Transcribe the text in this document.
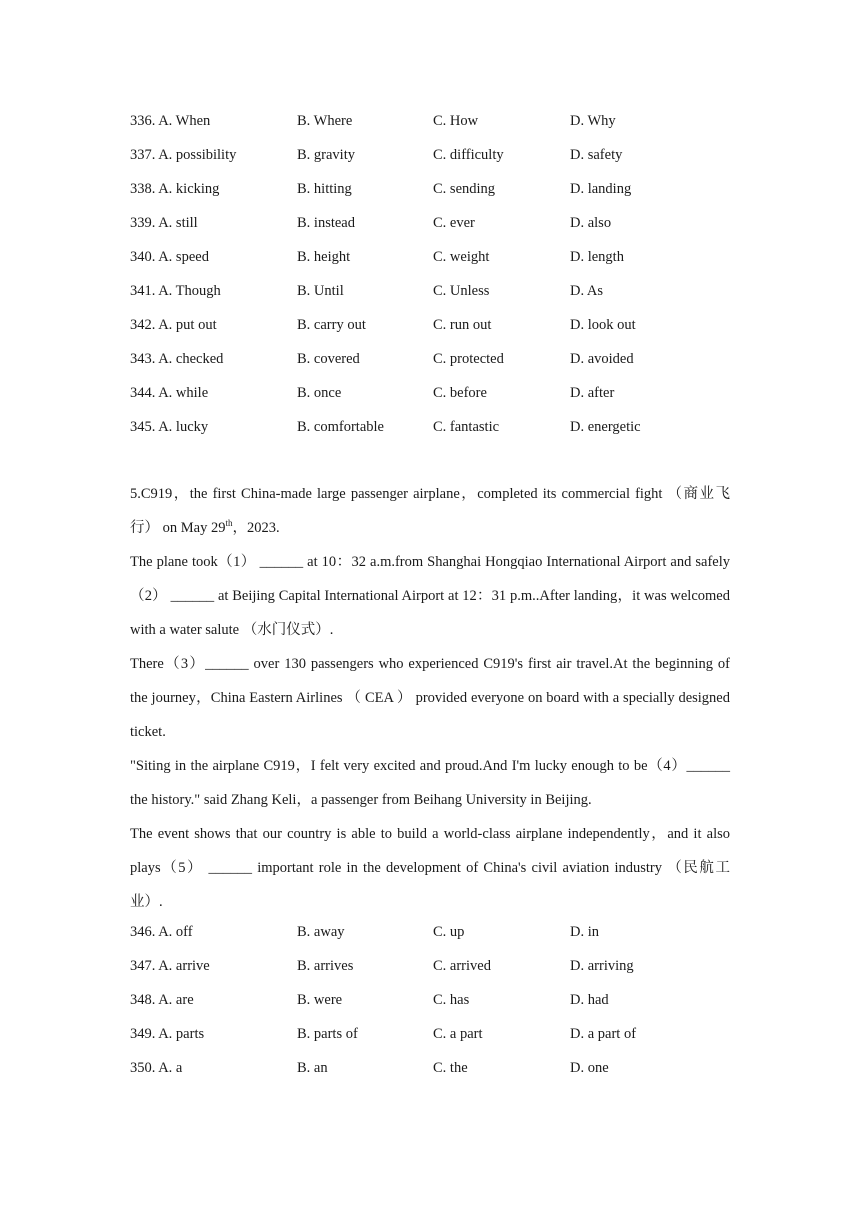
336. A. When	B. Where	C. How	D. Why
337. A. possibility	B. gravity	C. difficulty	D. safety
338. A. kicking	B. hitting	C. sending	D. landing
339. A. still	B. instead	C. ever	D. also
340. A. speed	B. height	C. weight	D. length
341. A. Though	B. Until	C. Unless	D. As
342. A. put out	B. carry out	C. run out	D. look out
343. A. checked	B. covered	C. protected	D. avoided
344. A. while	B. once	C. before	D. after
345. A. lucky	B. comfortable	C. fantastic	D. energetic

5.C919，the first China-made large passenger airplane，completed its commercial fight （商业飞行） on May 29th，2023.

The plane took（1） ______ at 10：32 a.m.from Shanghai Hongqiao International Airport and safely（2） ______ at Beijing Capital International Airport at 12：31 p.m..After landing，it was welcomed with a water salute （水门仪式）.

There（3）______ over 130 passengers who experienced C919's first air travel.At the beginning of the journey，China Eastern Airlines （ CEA ） provided everyone on board with a specially designed ticket.

"Siting in the airplane C919，I felt very excited and proud.And I'm lucky enough to be（4）______ the history." said Zhang Keli，a passenger from Beihang University in Beijing.

The event shows that our country is able to build a world-class airplane independently，and it also plays（5） ______ important role in the development of China's civil aviation industry （民航工业）.

346. A. off	B. away	C. up	D. in
347. A. arrive	B. arrives	C. arrived	D. arriving
348. A. are	B. were	C. has	D. had
349. A. parts	B. parts of	C. a part	D. a part of
350. A. a	B. an	C. the	D. one
